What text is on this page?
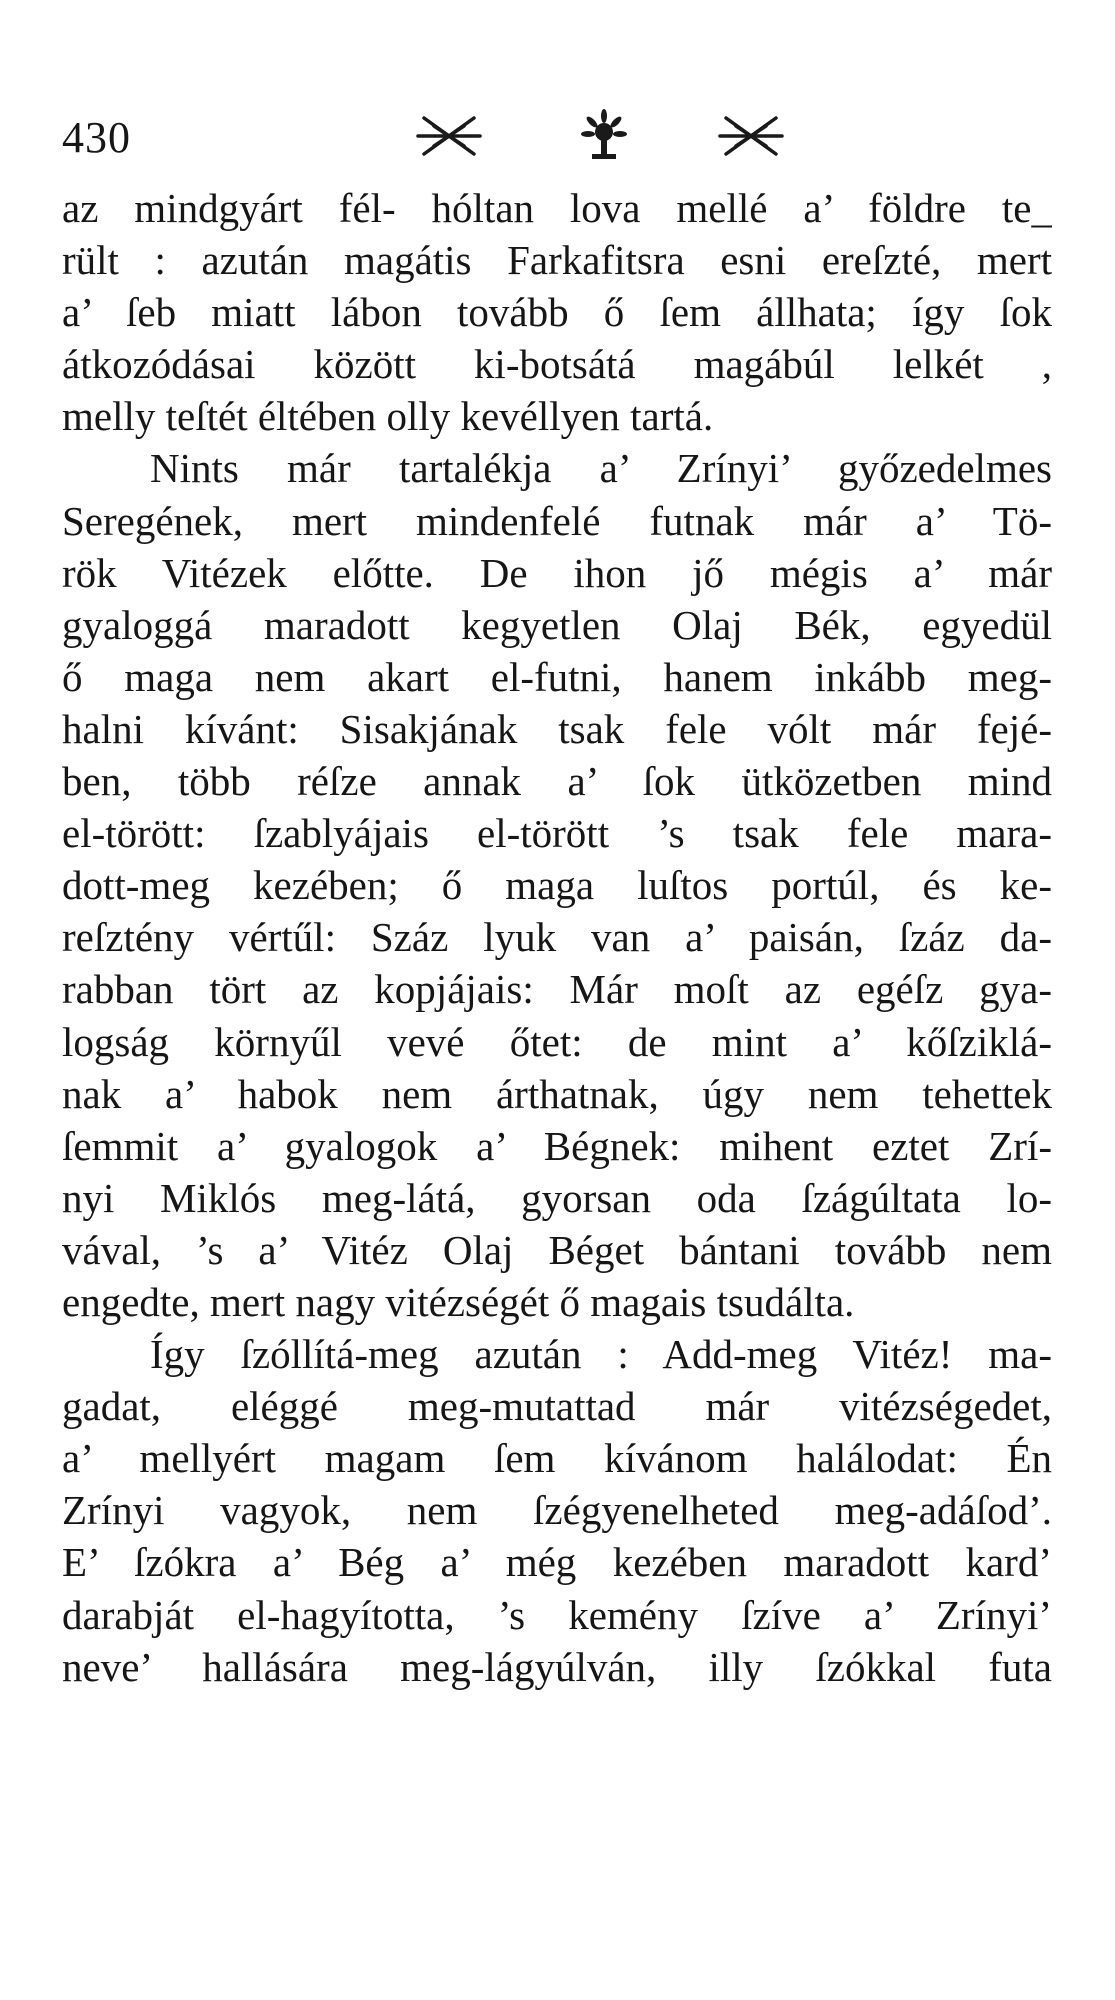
430
az mindgyárt fél- hóltan lova mellé a’ földre te_
rült : azután magátis Farkafitsra esni ereſzté, mert
a’ ſeb miatt lábon tovább ő ſem állhata; így ſok
átkozódásai között ki-botsátá magábúl lelkét ,
melly teſtét éltében olly kevéllyen tartá.
Nints már tartalékja a’ Zrínyi’ győzedelmes
Seregének, mert mindenfelé futnak már a’ Tö-
rök Vitézek előtte. De ihon jő mégis a’ már
gyaloggá maradott kegyetlen Olaj Bék, egyedül
ő maga nem akart el-futni, hanem inkább meg-
halni kívánt: Sisakjának tsak fele vólt már fejé-
ben, több réſze annak a’ ſok ütközetben mind
el-törött: ſzablyájais el-törött ’s tsak fele mara-
dott-meg kezében; ő maga luſtos portúl, és ke-
reſztény vértűl: Száz lyuk van a’ paisán, ſzáz da-
rabban tört az kopjájais: Már moſt az egéſz gya-
logság környűl vevé őtet: de mint a’ kőſziklá-
nak a’ habok nem árthatnak, úgy nem tehettek
ſemmit a’ gyalogok a’ Bégnek: mihent eztet Zrí-
nyi Miklós meg-látá, gyorsan oda ſzágúltata lo-
vával, ’s a’ Vitéz Olaj Béget bántani tovább nem
engedte, mert nagy vitézségét ő magais tsudálta.
Így ſzóllítá-meg azután : Add-meg Vitéz! ma-
gadat, eléggé meg-mutattad már vitézségedet,
a’ mellyért magam ſem kívánom halálodat: Én
Zrínyi vagyok, nem ſzégyenelheted meg-adáſod’.
E’ ſzókra a’ Bég a’ még kezében maradott kard’
darabját el-hagyította, ’s kemény ſzíve a’ Zrínyi’
neve’ hallására meg-lágyúlván, illy ſzókkal futa
